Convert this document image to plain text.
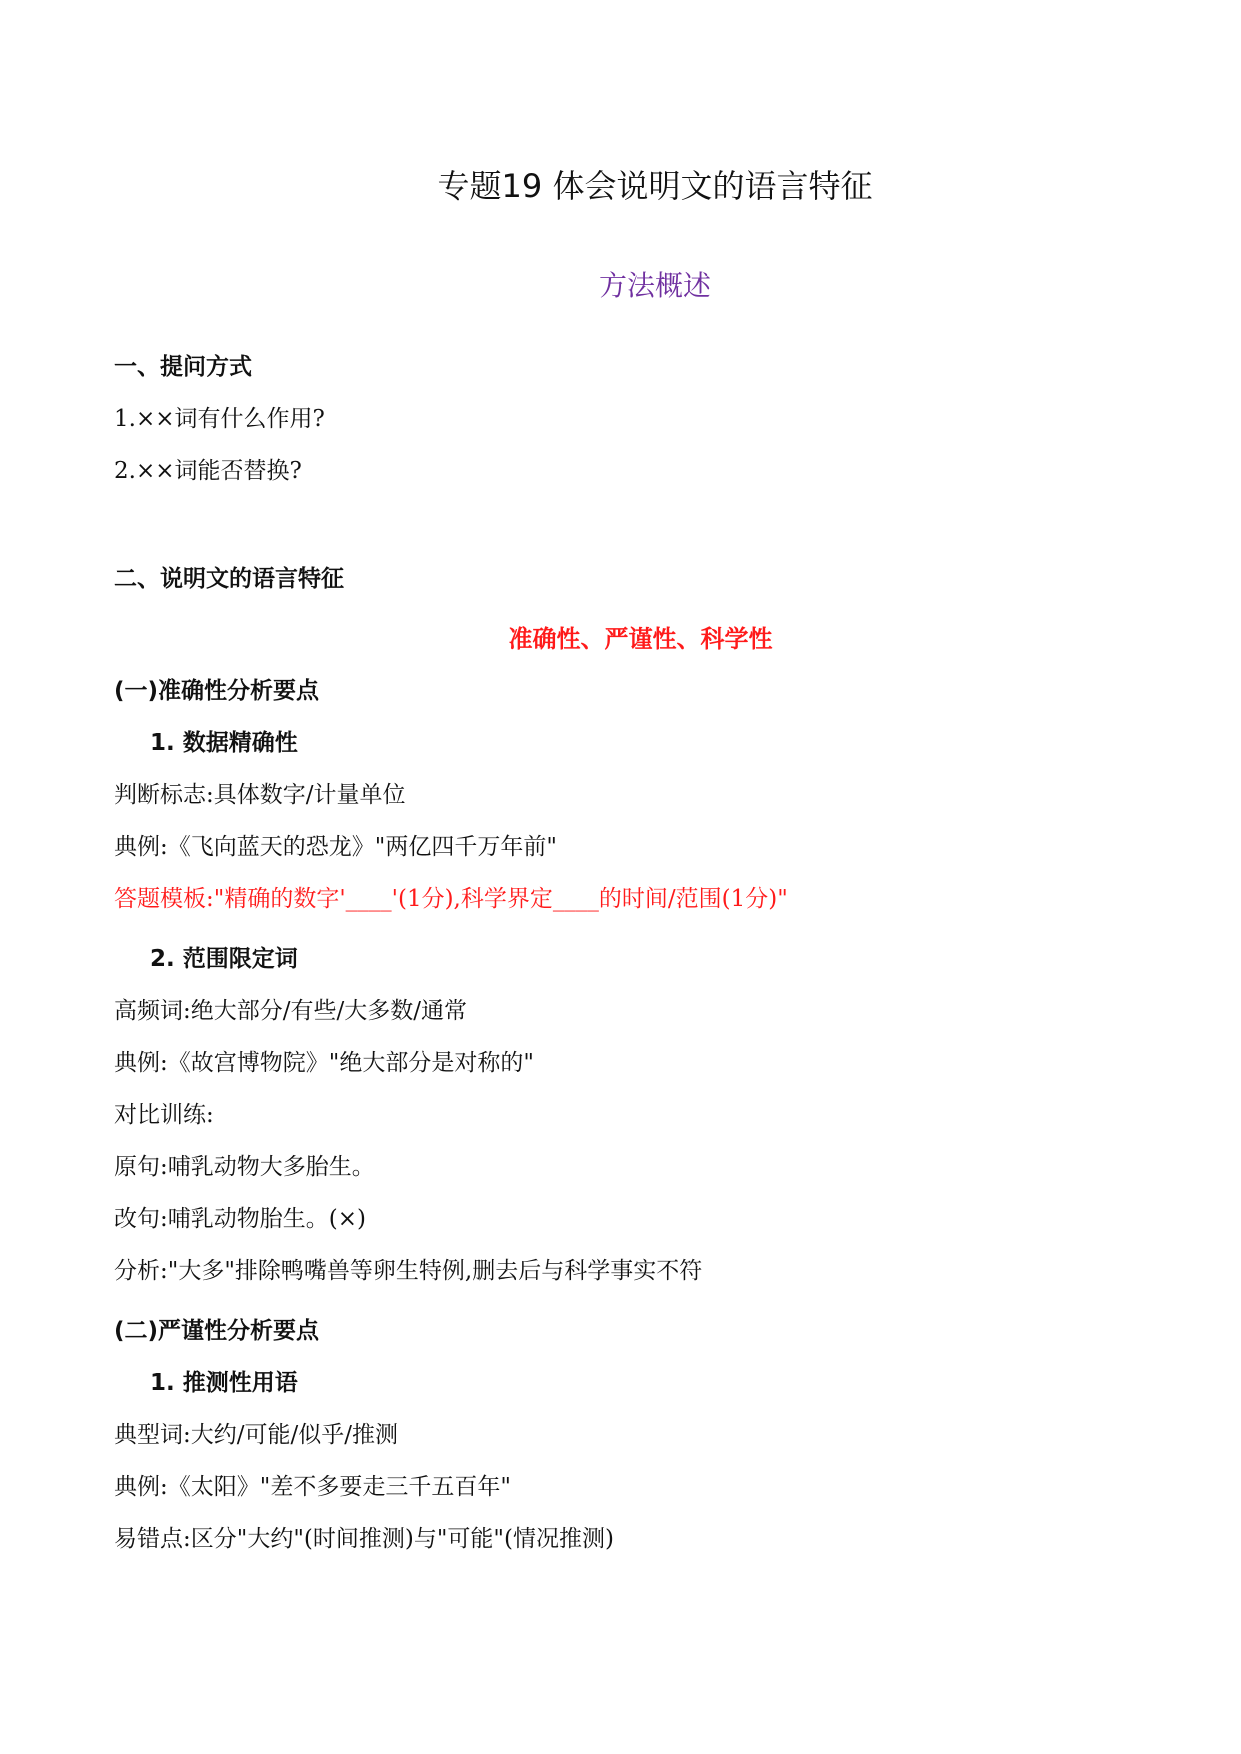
专题19 体会说明文的语言特征
方法概述
一、提问方式
1.××词有什么作用?
2.××词能否替换?
二、说明文的语言特征
准确性、严谨性、科学性
(一)准确性分析要点
1. 数据精确性
判断标志:具体数字/计量单位
典例:《飞向蓝天的恐龙》"两亿四千万年前"
答题模板:"精确的数字'____'(1分),科学界定____的时间/范围(1分)"
2. 范围限定词
高频词:绝大部分/有些/大多数/通常
典例:《故宫博物院》"绝大部分是对称的"
对比训练:
原句:哺乳动物大多胎生。
改句:哺乳动物胎生。(×)
分析:"大多"排除鸭嘴兽等卵生特例,删去后与科学事实不符
(二)严谨性分析要点
1. 推测性用语
典型词:大约/可能/似乎/推测
典例:《太阳》"差不多要走三千五百年"
易错点:区分"大约"(时间推测)与"可能"(情况推测)
